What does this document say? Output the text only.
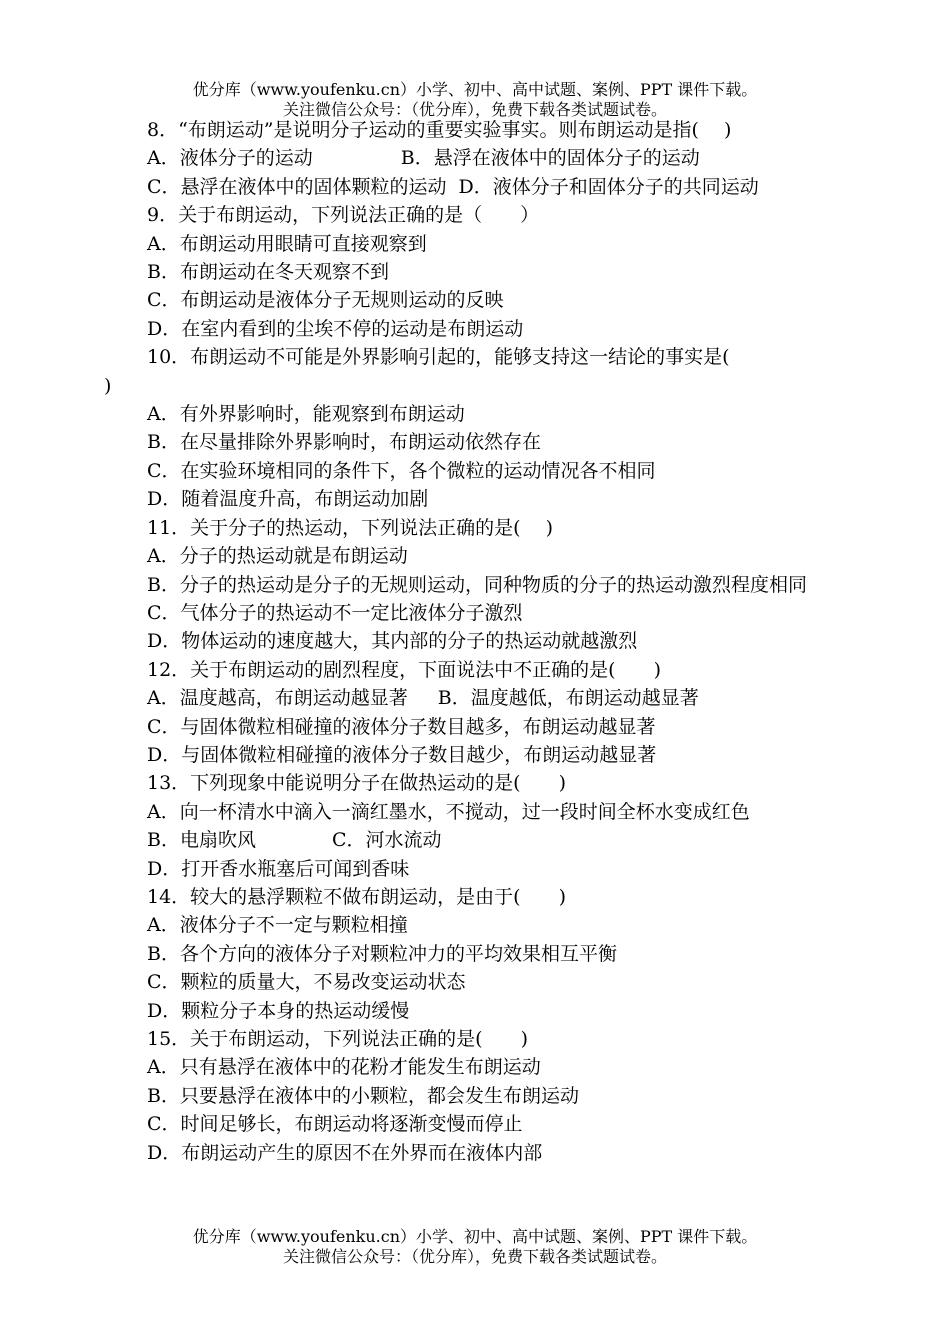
优分库（www.youfenku.cn）小学、初中、高中试题、案例、PPT 课件下载。
关注微信公众号：（优分库），免费下载各类试题试卷。
8．“布朗运动”是说明分子运动的重要实验事实。则布朗运动是指(　 )
A．液体分子的运动	B．悬浮在液体中的固体分子的运动
C．悬浮在液体中的固体颗粒的运动 D．液体分子和固体分子的共同运动
9．关于布朗运动，下列说法正确的是（　　）
A．布朗运动用眼睛可直接观察到
B．布朗运动在冬天观察不到
C．布朗运动是液体分子无规则运动的反映
D．在室内看到的尘埃不停的运动是布朗运动
10．布朗运动不可能是外界影响引起的，能够支持这一结论的事实是(
)
A．有外界影响时，能观察到布朗运动
B．在尽量排除外界影响时，布朗运动依然存在
C．在实验环境相同的条件下，各个微粒的运动情况各不相同
D．随着温度升高，布朗运动加剧
11．关于分子的热运动，下列说法正确的是(　 )
A．分子的热运动就是布朗运动
B．分子的热运动是分子的无规则运动，同种物质的分子的热运动激烈程度相同
C．气体分子的热运动不一定比液体分子激烈
D．物体运动的速度越大，其内部的分子的热运动就越激烈
12．关于布朗运动的剧烈程度，下面说法中不正确的是(　　)
A．温度越高，布朗运动越显著 B．温度越低，布朗运动越显著
C．与固体微粒相碰撞的液体分子数目越多，布朗运动越显著
D．与固体微粒相碰撞的液体分子数目越少，布朗运动越显著
13．下列现象中能说明分子在做热运动的是(　　)
A．向一杯清水中滴入一滴红墨水，不搅动，过一段时间全杯水变成红色
B．电扇吹风	C．河水流动
D．打开香水瓶塞后可闻到香味
14．较大的悬浮颗粒不做布朗运动，是由于(　　)
A．液体分子不一定与颗粒相撞
B．各个方向的液体分子对颗粒冲力的平均效果相互平衡
C．颗粒的质量大，不易改变运动状态
D．颗粒分子本身的热运动缓慢
15．关于布朗运动，下列说法正确的是(　　)
A．只有悬浮在液体中的花粉才能发生布朗运动
B．只要悬浮在液体中的小颗粒，都会发生布朗运动
C．时间足够长，布朗运动将逐渐变慢而停止
D．布朗运动产生的原因不在外界而在液体内部
优分库（www.youfenku.cn）小学、初中、高中试题、案例、PPT 课件下载。
关注微信公众号：（优分库），免费下载各类试题试卷。
